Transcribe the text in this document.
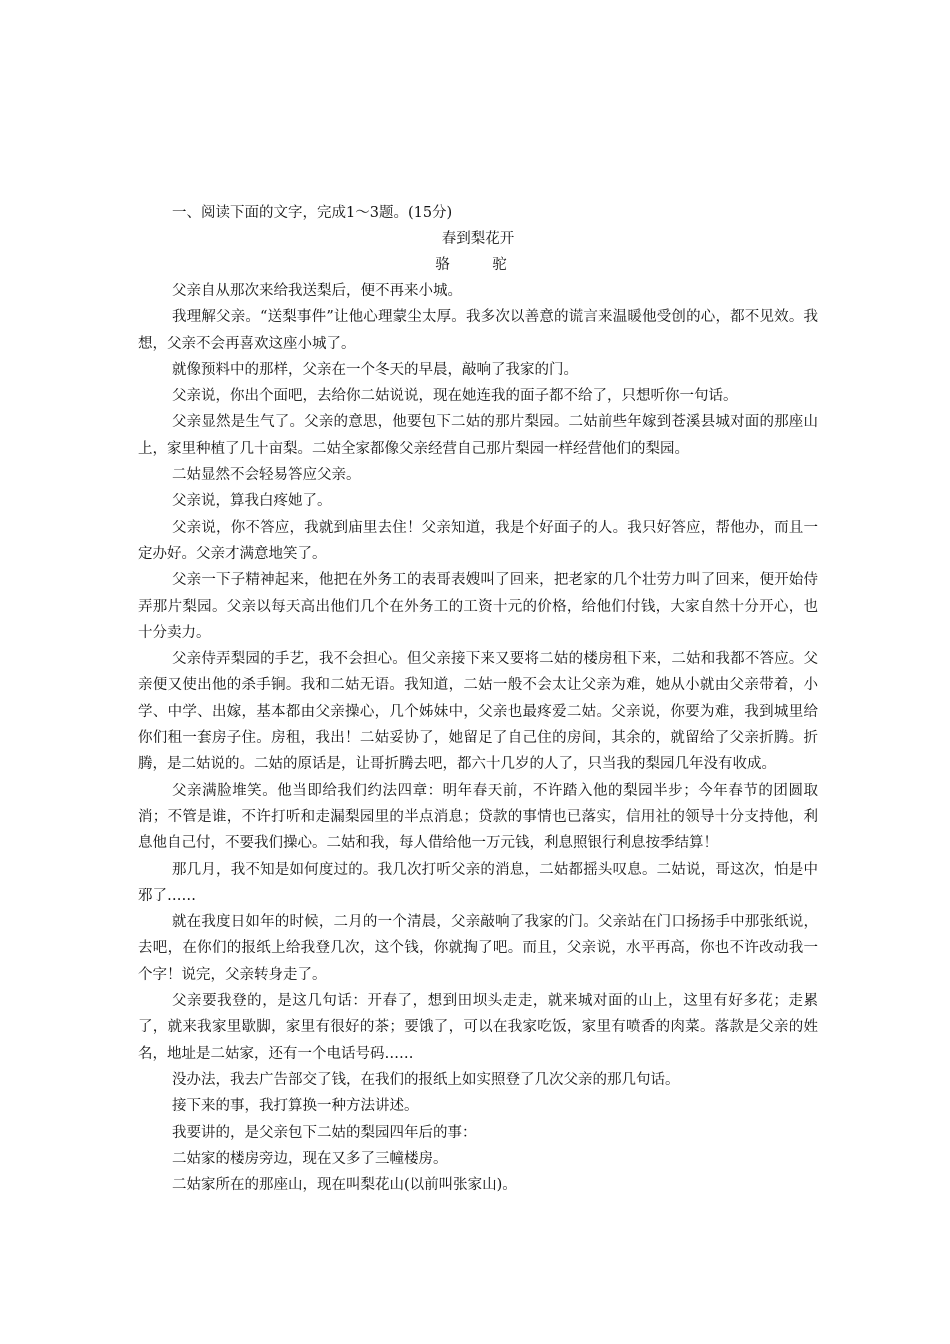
一、阅读下面的文字，完成1～3题。(15分)

春到梨花开

骆　驼

父亲自从那次来给我送梨后，便不再来小城。

我理解父亲。“送梨事件”让他心理蒙尘太厚。我多次以善意的谎言来温暖他受创的心，都不见效。我想，父亲不会再喜欢这座小城了。

就像预料中的那样，父亲在一个冬天的早晨，敲响了我家的门。

父亲说，你出个面吧，去给你二姑说说，现在她连我的面子都不给了，只想听你一句话。

父亲显然是生气了。父亲的意思，他要包下二姑的那片梨园。二姑前些年嫁到苍溪县城对面的那座山上，家里种植了几十亩梨。二姑全家都像父亲经营自己那片梨园一样经营他们的梨园。

二姑显然不会轻易答应父亲。

父亲说，算我白疼她了。

父亲说，你不答应，我就到庙里去住！父亲知道，我是个好面子的人。我只好答应，帮他办，而且一定办好。父亲才满意地笑了。

父亲一下子精神起来，他把在外务工的表哥表嫂叫了回来，把老家的几个壮劳力叫了回来，便开始侍弄那片梨园。父亲以每天高出他们几个在外务工的工资十元的价格，给他们付钱，大家自然十分开心，也十分卖力。

父亲侍弄梨园的手艺，我不会担心。但父亲接下来又要将二姑的楼房租下来，二姑和我都不答应。父亲便又使出他的杀手锏。我和二姑无语。我知道，二姑一般不会太让父亲为难，她从小就由父亲带着，小学、中学、出嫁，基本都由父亲操心，几个姊妹中，父亲也最疼爱二姑。父亲说，你要为难，我到城里给你们租一套房子住。房租，我出！二姑妥协了，她留足了自己住的房间，其余的，就留给了父亲折腾。折腾，是二姑说的。二姑的原话是，让哥折腾去吧，都六十几岁的人了，只当我的梨园几年没有收成。

父亲满脸堆笑。他当即给我们约法四章：明年春天前，不许踏入他的梨园半步；今年春节的团圆取消；不管是谁，不许打听和走漏梨园里的半点消息；贷款的事情也已落实，信用社的领导十分支持他，利息他自己付，不要我们操心。二姑和我，每人借给他一万元钱，利息照银行利息按季结算！

那几月，我不知是如何度过的。我几次打听父亲的消息，二姑都摇头叹息。二姑说，哥这次，怕是中邪了……

就在我度日如年的时候，二月的一个清晨，父亲敲响了我家的门。父亲站在门口扬扬手中那张纸说，去吧，在你们的报纸上给我登几次，这个钱，你就掏了吧。而且，父亲说，水平再高，你也不许改动我一个字！说完，父亲转身走了。

父亲要我登的，是这几句话：开春了，想到田坝头走走，就来城对面的山上，这里有好多花；走累了，就来我家里歇脚，家里有很好的茶；要饿了，可以在我家吃饭，家里有喷香的肉菜。落款是父亲的姓名，地址是二姑家，还有一个电话号码……

没办法，我去广告部交了钱，在我们的报纸上如实照登了几次父亲的那几句话。

接下来的事，我打算换一种方法讲述。

我要讲的，是父亲包下二姑的梨园四年后的事：

二姑家的楼房旁边，现在又多了三幢楼房。

二姑家所在的那座山，现在叫梨花山(以前叫张家山)。
